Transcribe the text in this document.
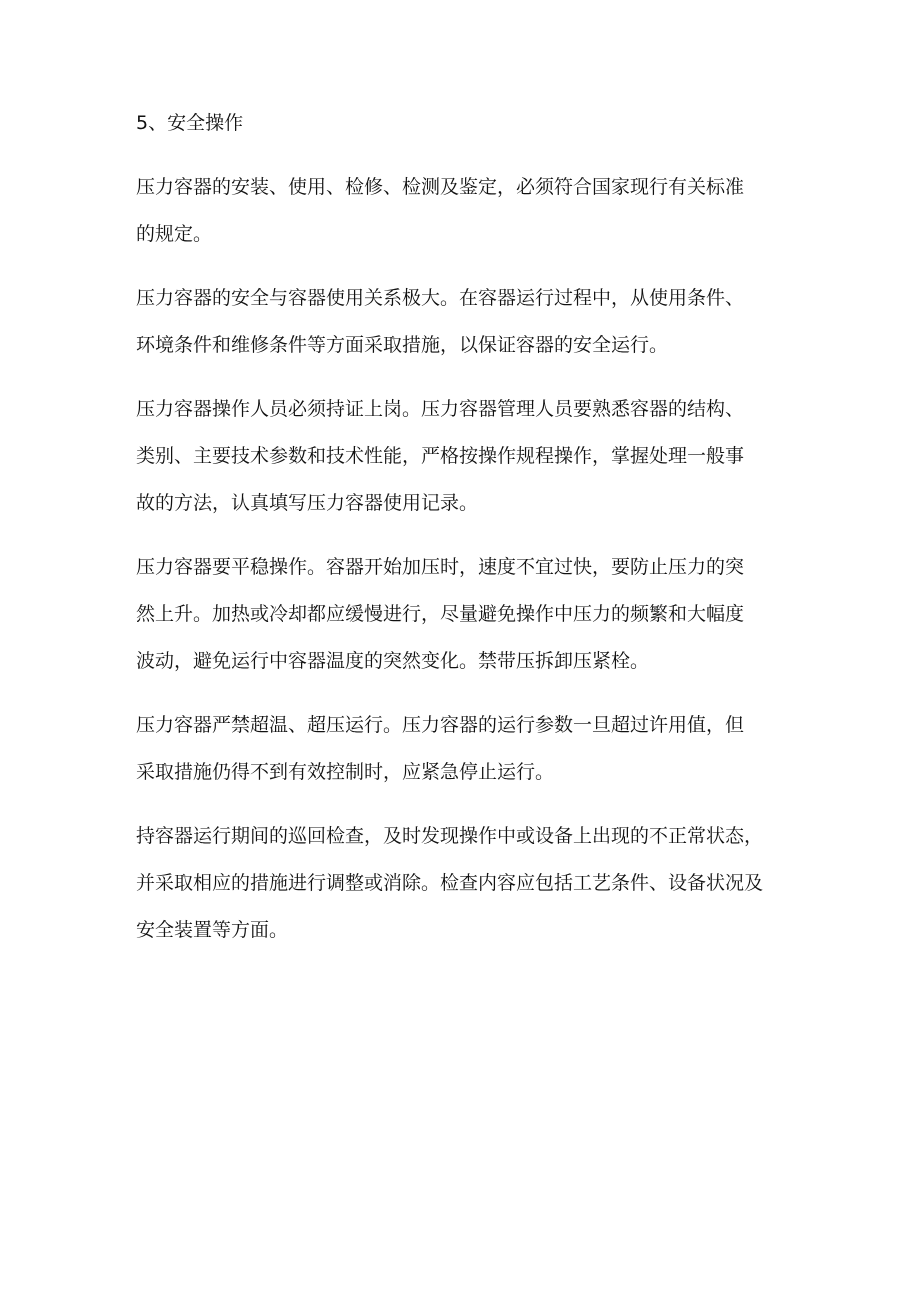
5、安全操作

压力容器的安装、使用、检修、检测及鉴定，必须符合国家现行有关标准
的规定。

压力容器的安全与容器使用关系极大。在容器运行过程中，从使用条件、
环境条件和维修条件等方面采取措施，以保证容器的安全运行。

压力容器操作人员必须持证上岗。压力容器管理人员要熟悉容器的结构、
类别、主要技术参数和技术性能，严格按操作规程操作，掌握处理一般事
故的方法，认真填写压力容器使用记录。

压力容器要平稳操作。容器开始加压时，速度不宜过快，要防止压力的突
然上升。加热或冷却都应缓慢进行，尽量避免操作中压力的频繁和大幅度
波动，避免运行中容器温度的突然变化。禁带压拆卸压紧栓。

压力容器严禁超温、超压运行。压力容器的运行参数一旦超过许用值，但
采取措施仍得不到有效控制时，应紧急停止运行。

持容器运行期间的巡回检查，及时发现操作中或设备上出现的不正常状态，
并采取相应的措施进行调整或消除。检查内容应包括工艺条件、设备状况及
安全装置等方面。
